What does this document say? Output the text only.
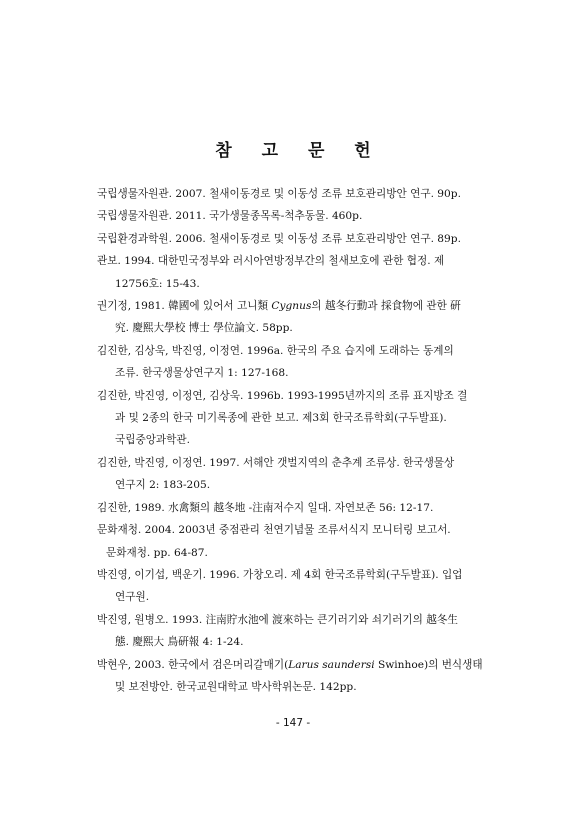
참 고 문 헌
국립생물자원관. 2007. 철새이동경로 및 이동성 조류 보호관리방안 연구. 90p.
국립생물자원관. 2011. 국가생물종목록-척추동물. 460p.
국립환경과학원. 2006. 철새이동경로 및 이동성 조류 보호관리방안 연구. 89p.
관보. 1994. 대한민국정부와 러시아연방정부간의 철새보호에 관한 협정. 제
12756호: 15-43.
권기정, 1981. 韓國에 있어서 고니類 Cygnus의 越冬行動과 採食物에 관한 硏
究. 慶熙大學校 博士 學位論文. 58pp.
김진한, 김상욱, 박진영, 이정연. 1996a. 한국의 주요 습지에 도래하는 동계의
조류. 한국생물상연구지 1: 127-168.
김진한, 박진영, 이정연, 김상욱. 1996b. 1993-1995년까지의 조류 표지방조 결
과 및 2종의 한국 미기록종에 관한 보고. 제3회 한국조류학회(구두발표).
국립중앙과학관.
김진한, 박진영, 이정연. 1997. 서해안 갯벌지역의 춘추계 조류상. 한국생물상
연구지 2: 183-205.
김진한, 1989. 水禽類의 越冬地 -注南저수지 일대. 자연보존 56: 12-17.
문화재청. 2004. 2003년 중점관리 천연기념물 조류서식지 모니터링 보고서.
문화재청. pp. 64-87.
박진영, 이기섭, 백운기. 1996. 가창오리. 제 4회 한국조류학회(구두발표). 입업
연구원.
박진영, 원병오. 1993. 注南貯水池에 渡來하는 큰기러기와 쇠기러기의 越冬生
態. 慶熙大 鳥硏報 4: 1-24.
박현우, 2003. 한국에서 검은머리갈매기(Larus saundersi Swinhoe)의 번식생태
및 보전방안. 한국교원대학교 박사학위논문. 142pp.
- 147 -
